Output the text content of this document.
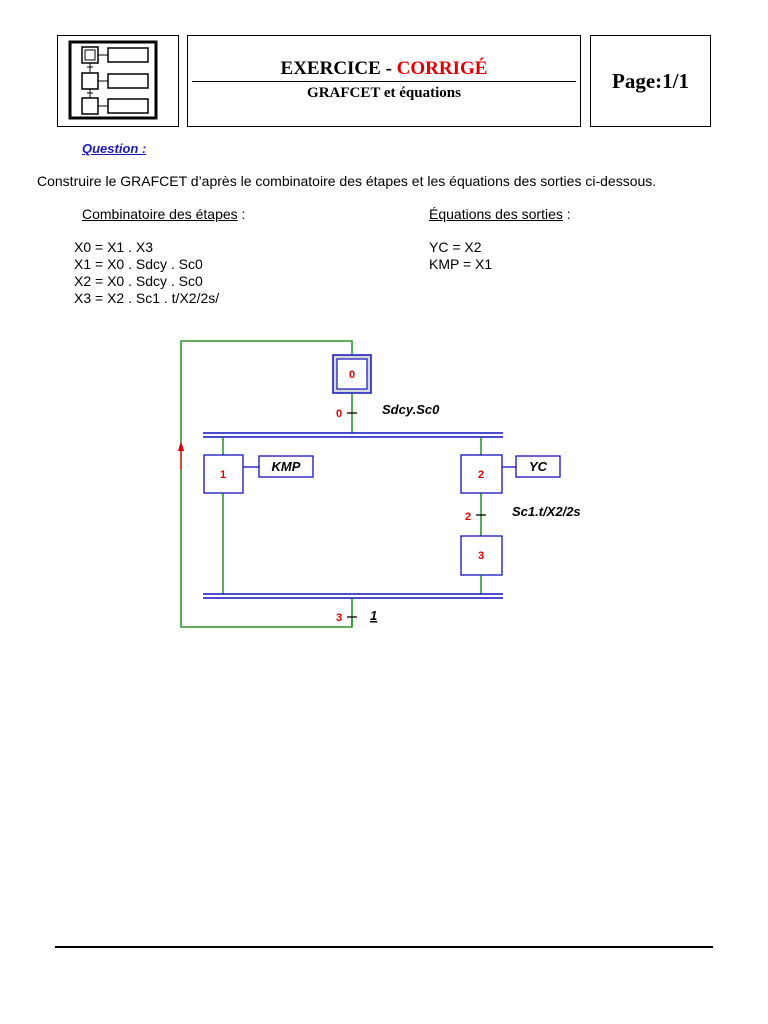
EXERCICE - CORRIGÉ
GRAFCET et équations	Page:1/1
Question :
Construire le GRAFCET d’après le combinatoire des étapes et les équations des sorties ci-dessous.
Combinatoire des étapes :	Équations des sorties :
X0 = X1 . X3
X1 = X0 . Sdcy . Sc0
X2 = X0 . Sdcy . Sc0
X3 = X2 . Sc1 . t/X2/2s/
YC = X2
KMP = X1
0
0	Sdcy.Sc0
1
KMP
2
YC
2	Sc1.t/X2/2s
3
3 1
